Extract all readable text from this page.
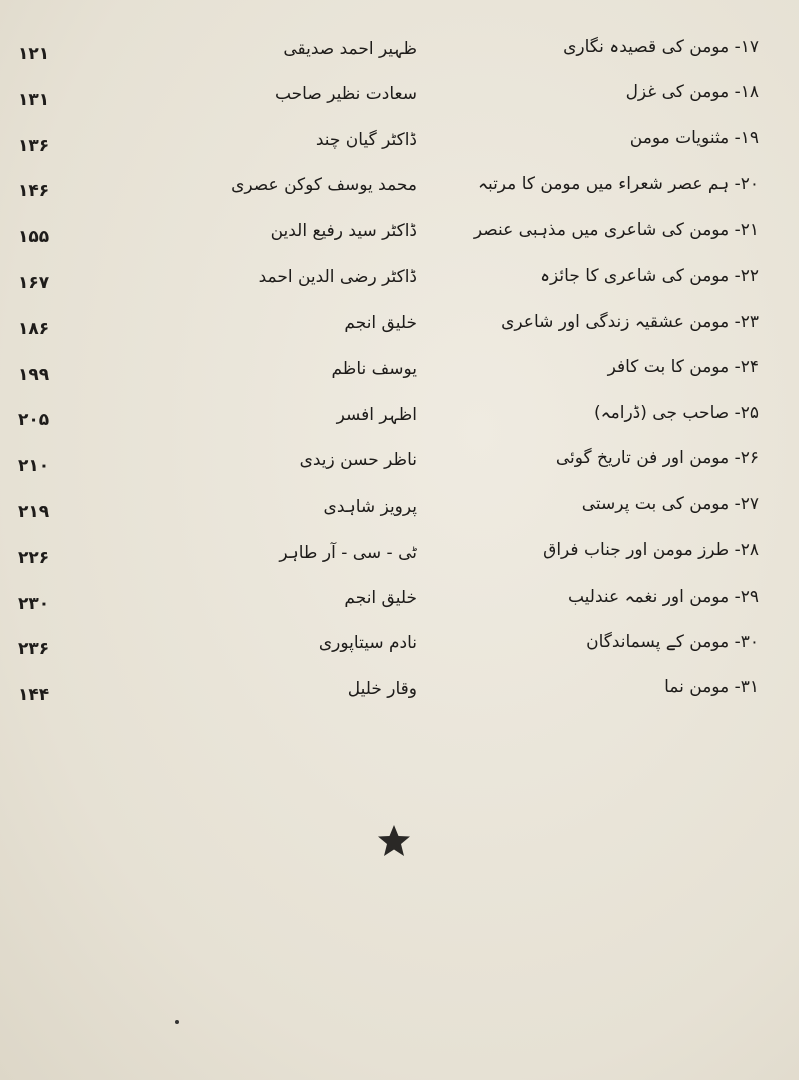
۱۲۱	ظہیر احمد صدیقی	۱۷- مومن کی قصیدہ نگاری
۱۳۱	سعادت نظیر صاحب	۱۸- مومن کی غزل
۱۳۶	ڈاکٹر گیان چند	۱۹- مثنویات مومن
۱۴۶	محمد یوسف کوکن عصری	۲۰- ہم عصر شعراء میں مومن کا مرتبہ
۱۵۵	ڈاکٹر سید رفیع الدین	۲۱- مومن کی شاعری میں مذہبی عنصر
۱۶۷	ڈاکٹر رضی الدین احمد	۲۲- مومن کی شاعری کا جائزہ
۱۸۶	خلیق انجم	۲۳- مومن عشقیہ زندگی اور شاعری
۱۹۹	یوسف ناظم	۲۴- مومن کا بت کافر
۲۰۵	اظہر افسر	۲۵- صاحب جی (ڈرامہ)
۲۱۰	ناظر حسن زیدی	۲۶- مومن اور فن تاریخ گوئی
۲۱۹	پرویز شاہدی	۲۷- مومن کی بت پرستی
۲۲۶	ٹی - سی - آر طاہر	۲۸- طرز مومن اور جناب فراق
۲۳۰	خلیق انجم	۲۹- مومن اور نغمہ عندلیب
۲۳۶	نادم سیتاپوری	۳۰- مومن کے پسماندگان
۱۴۴	وقار خلیل	۳۱- مومن نما
